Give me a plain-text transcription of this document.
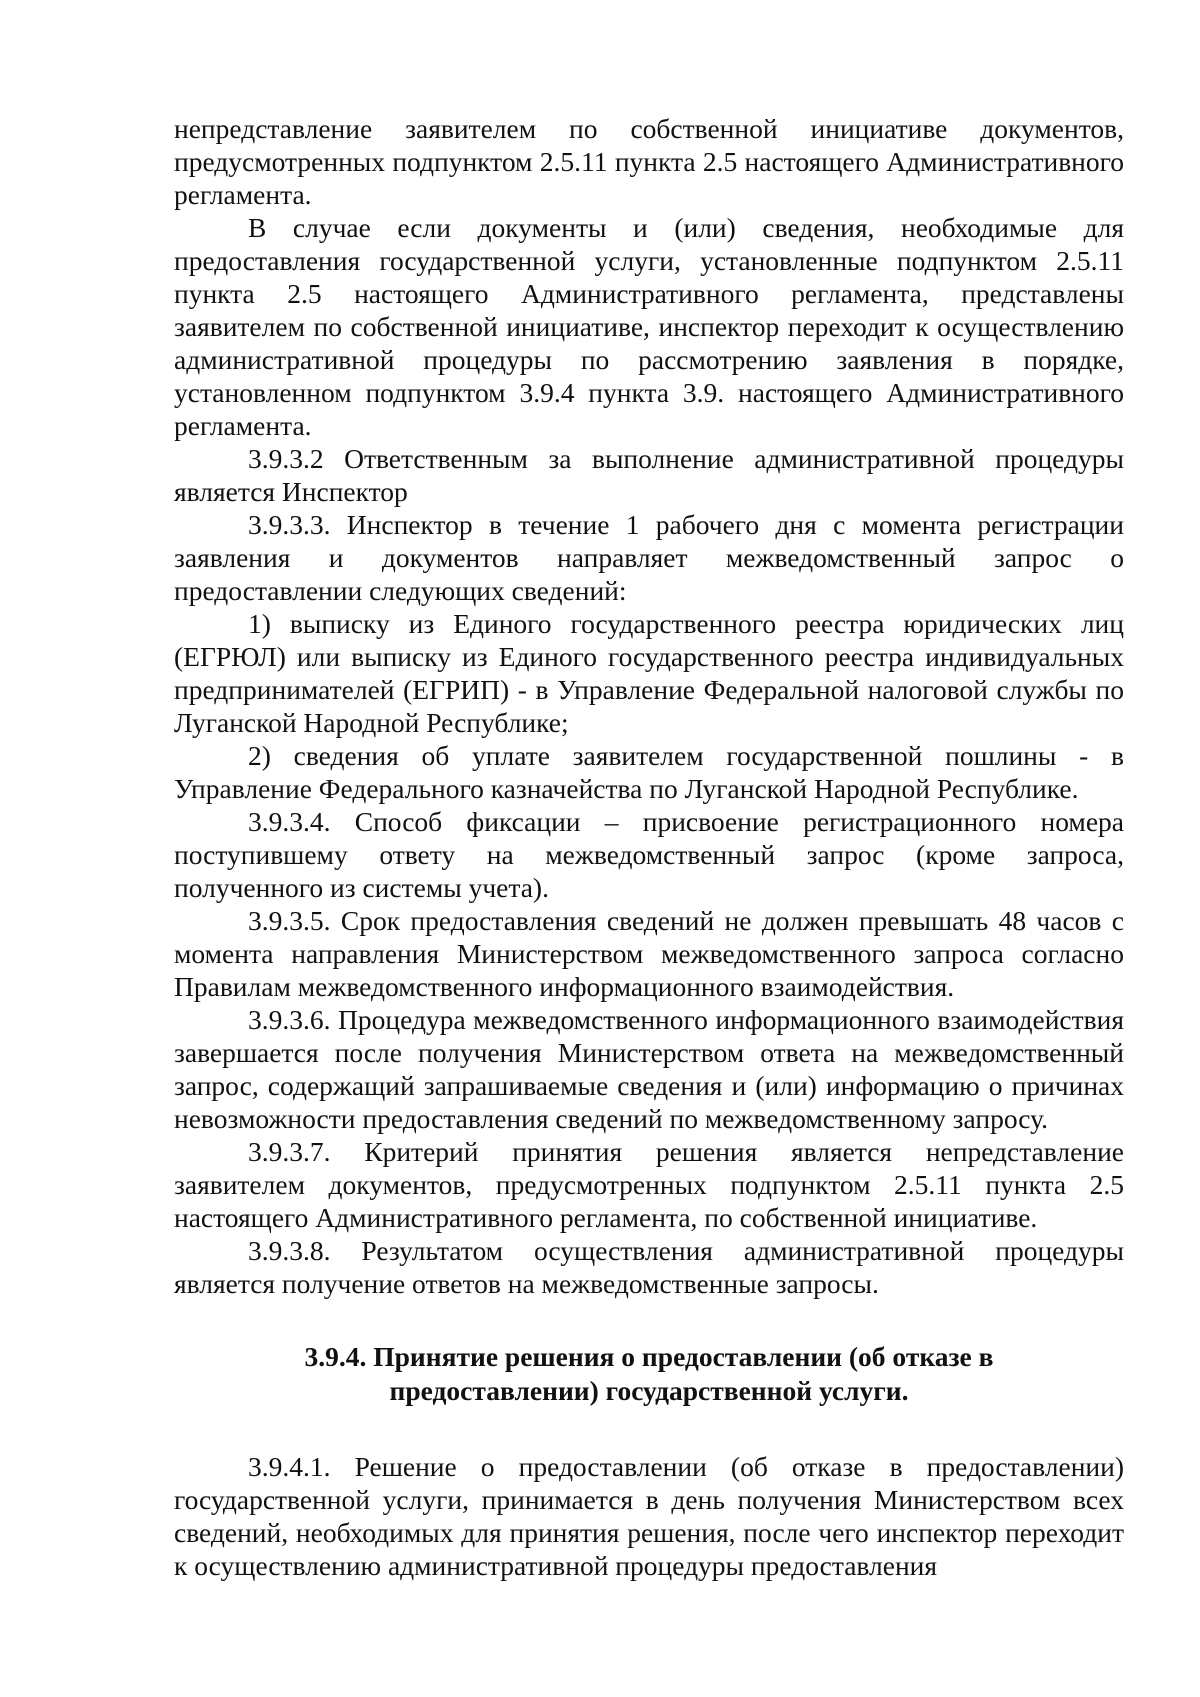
непредставление заявителем по собственной инициативе документов, предусмотренных подпунктом 2.5.11 пункта 2.5 настоящего Административного регламента.

В случае если документы и (или) сведения, необходимые для предоставления государственной услуги, установленные подпунктом 2.5.11 пункта 2.5 настоящего Административного регламента, представлены заявителем по собственной инициативе, инспектор переходит к осуществлению административной процедуры по рассмотрению заявления в порядке, установленном подпунктом 3.9.4 пункта 3.9. настоящего Административного регламента.

3.9.3.2 Ответственным за выполнение административной процедуры является Инспектор

3.9.3.3. Инспектор в течение 1 рабочего дня с момента регистрации заявления и документов направляет межведомственный запрос о предоставлении следующих сведений:

1) выписку из Единого государственного реестра юридических лиц (ЕГРЮЛ) или выписку из Единого государственного реестра индивидуальных предпринимателей (ЕГРИП) - в Управление Федеральной налоговой службы по Луганской Народной Республике;

2) сведения об уплате заявителем государственной пошлины - в Управление Федерального казначейства по Луганской Народной Республике.

3.9.3.4. Способ фиксации – присвоение регистрационного номера поступившему ответу на межведомственный запрос (кроме запроса, полученного из системы учета).

3.9.3.5. Срок предоставления сведений не должен превышать 48 часов с момента направления Министерством межведомственного запроса согласно Правилам межведомственного информационного взаимодействия.

3.9.3.6. Процедура межведомственного информационного взаимодействия завершается после получения Министерством ответа на межведомственный запрос, содержащий запрашиваемые сведения и (или) информацию о причинах невозможности предоставления сведений по межведомственному запросу.

3.9.3.7. Критерий принятия решения является непредставление заявителем документов, предусмотренных подпунктом 2.5.11 пункта 2.5 настоящего Административного регламента, по собственной инициативе.

3.9.3.8. Результатом осуществления административной процедуры является получение ответов на межведомственные запросы.

3.9.4. Принятие решения о предоставлении (об отказе в

предоставлении) государственной услуги.

3.9.4.1. Решение о предоставлении (об отказе в предоставлении) государственной услуги, принимается в день получения Министерством всех сведений, необходимых для принятия решения, после чего инспектор переходит к осуществлению административной процедуры предоставления
